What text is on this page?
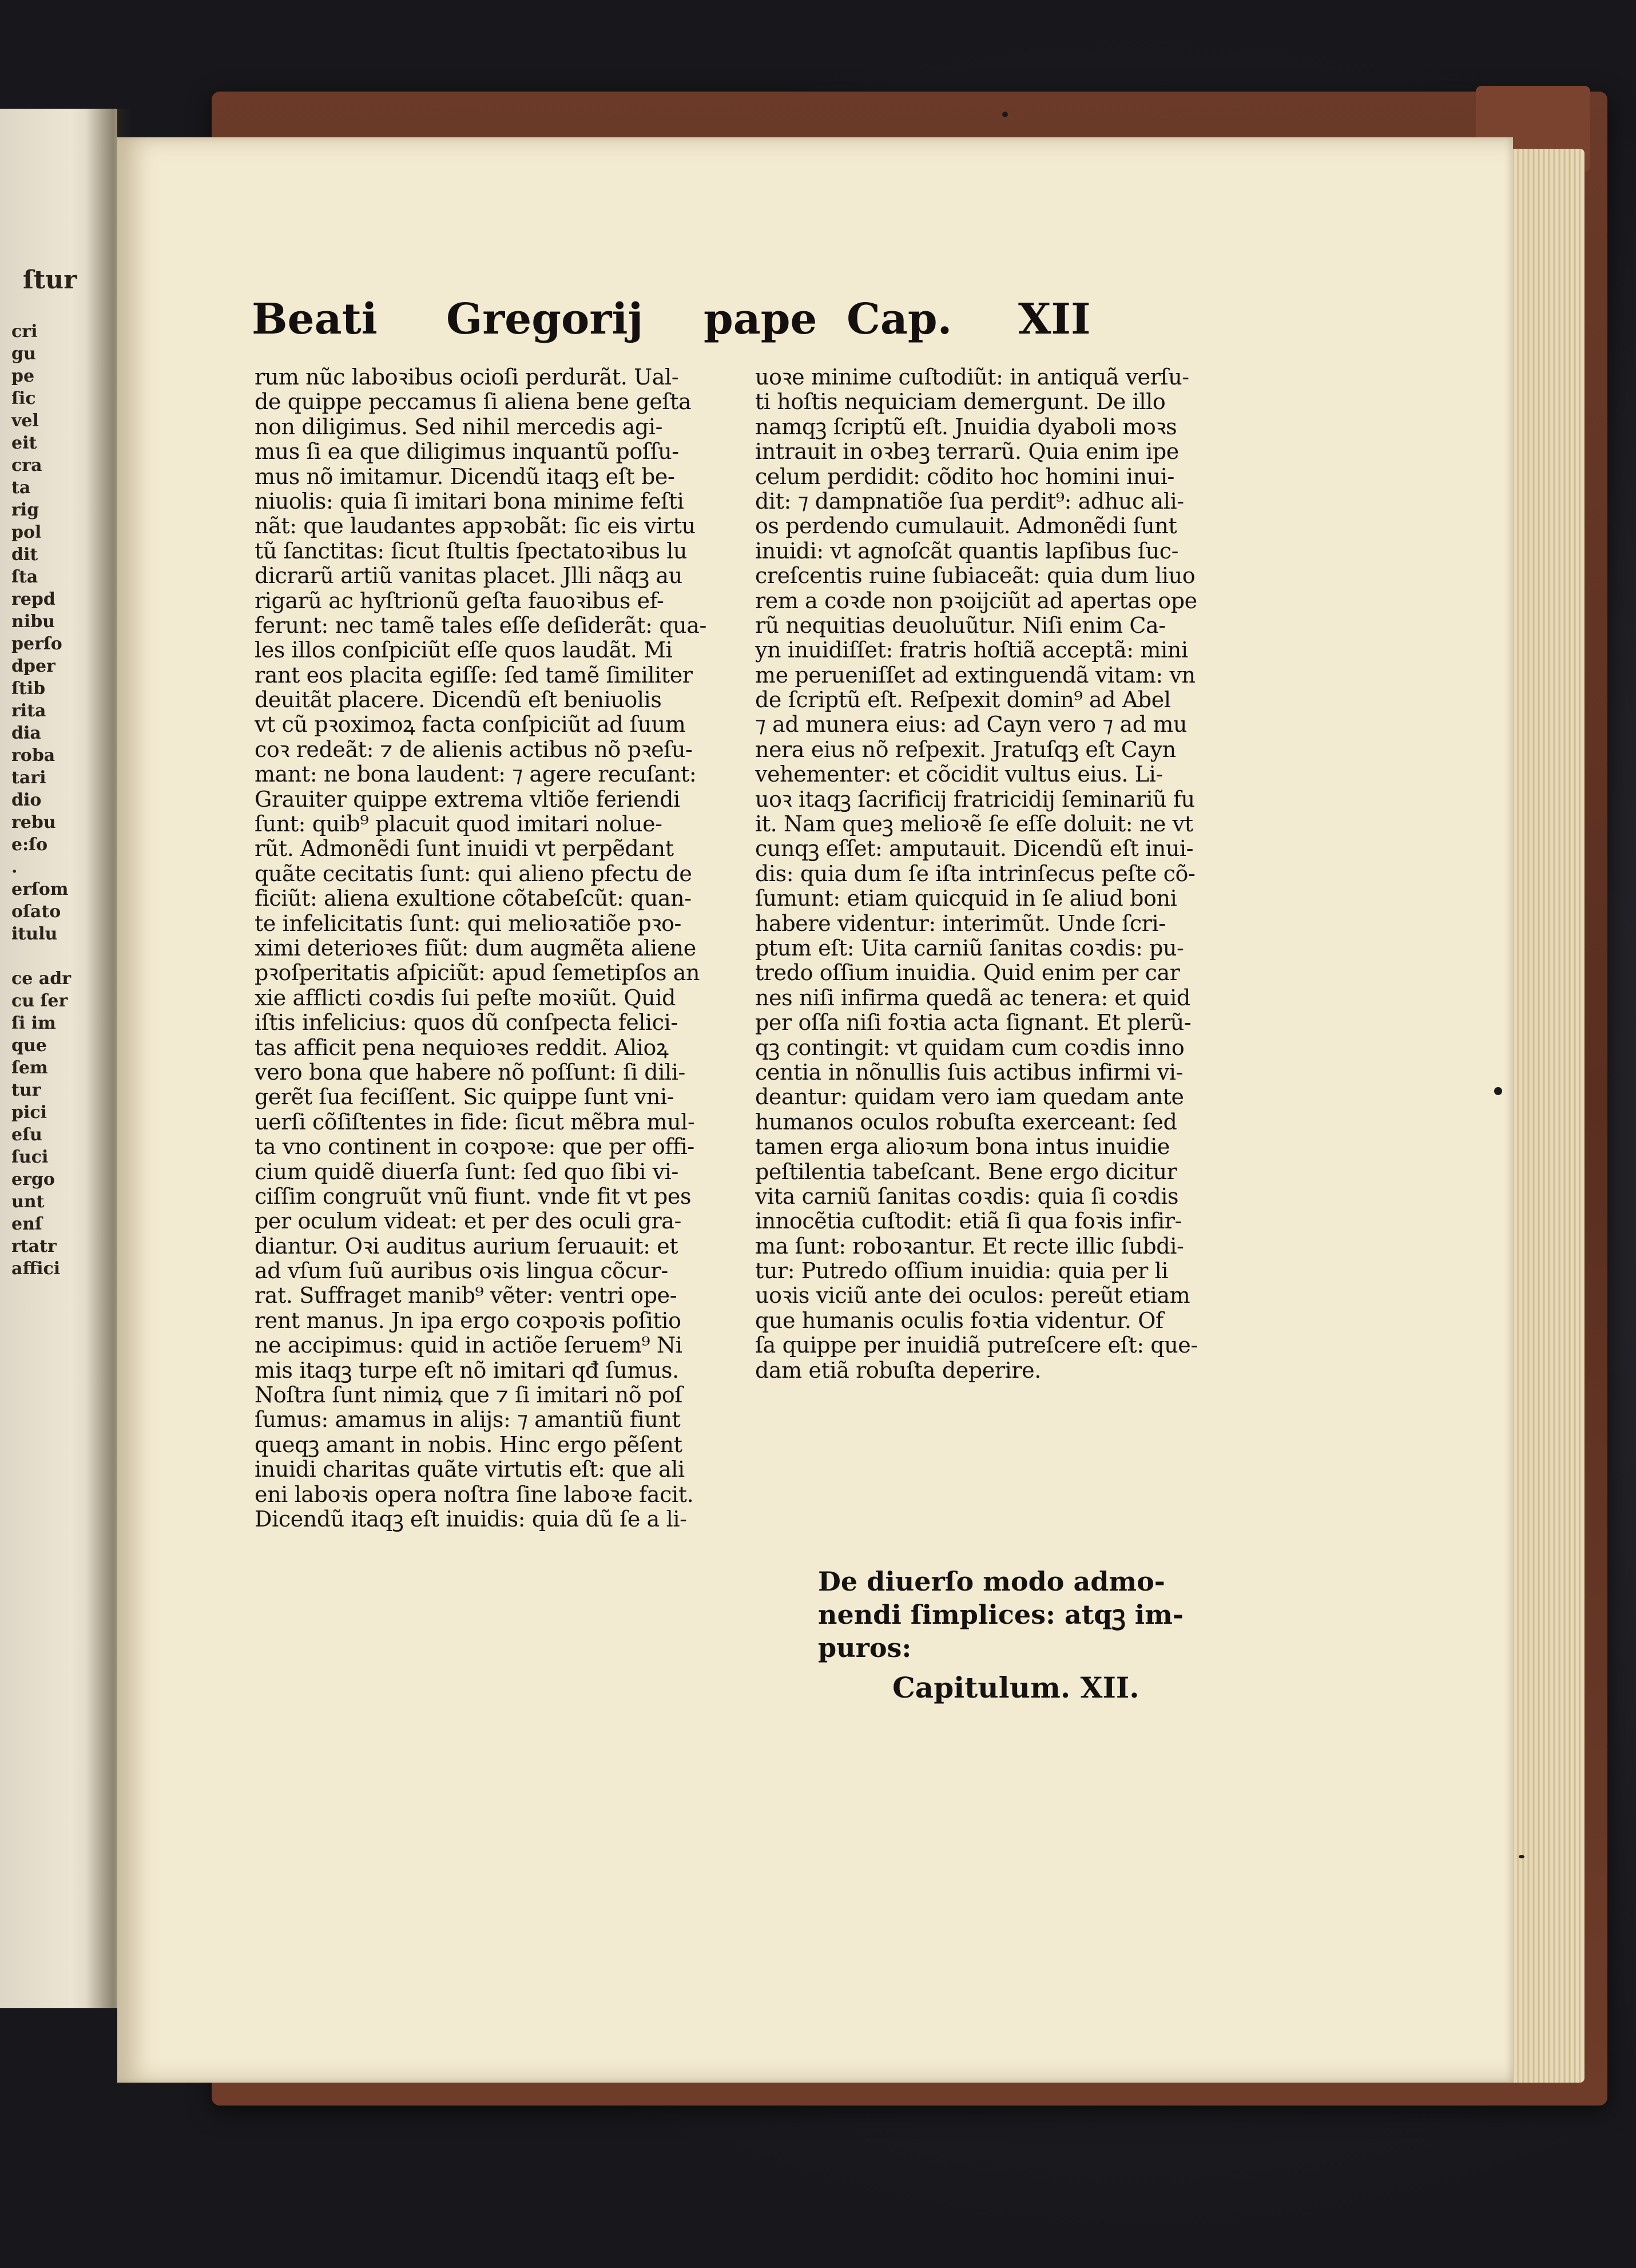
cri
gu
pe
ſic
vel
eit
cra
ta
rig
pol
dit
ſta
repd
nibu
perſo
dper
ſtib
rita
dia
roba
tari
dio
rebu
e:ſo
.
erſom
oſato
itulu
ce adr
cu ſer
ſi im
que
ſem
tur
pici
eſu
ſuci
ergo
unt
enſ
rtatr
affici
ſtur
Beati Gregorij pape Cap. XII
rum nũc laboꝛibus ocioſi perdurãt. Ual-
de quippe peccamus ſi aliena bene geſta
non diligimus. Sed nihil mercedis agi-
mus ſi ea que diligimus inquantũ poſſu-
mus nõ imitamur. Dicendũ itaqꝫ eſt be-
niuolis: quia ſi imitari bona minime feſti
nãt: que laudantes appꝛobãt: ſic eis virtu
tũ ſanctitas: ſicut ſtultis ſpectatoꝛibus lu
dicrarũ artiũ vanitas placet. Jlli nãqꝫ au
rigarũ ac hyſtrionũ geſta fauoꝛibus ef-
ferunt: nec tamẽ tales eſſe deſiderãt: qua-
les illos conſpiciũt eſſe quos laudãt. Mi
rant eos placita egiſſe: ſed tamẽ ſimiliter
deuitãt placere. Dicendũ eſt beniuolis
vt cũ pꝛoximoꝝ facta conſpiciũt ad ſuum
coꝛ redeãt: ⁊ de alienis actibus nõ pꝛeſu-
mant: ne bona laudent: ⁊ agere recuſant:
Grauiter quippe extrema vltiõe feriendi
ſunt: quib⁹ placuit quod imitari nolue-
rũt. Admonẽdi ſunt inuidi vt perpẽdant
quãte cecitatis ſunt: qui alieno pfectu de
ficiũt: aliena exultione cõtabeſcũt: quan-
te infelicitatis ſunt: qui melioꝛatiõe pꝛo-
ximi deterioꝛes fiũt: dum augmẽta aliene
pꝛoſperitatis aſpiciũt: apud ſemetipſos an
xie afflicti coꝛdis ſui peſte moꝛiũt. Quid
iſtis infelicius: quos dũ conſpecta felici-
tas afficit pena nequioꝛes reddit. Alioꝝ
vero bona que habere nõ poſſunt: ſi dili-
gerẽt ſua feciſſent. Sic quippe ſunt vni-
uerſi cõſiſtentes in fide: ſicut mẽbra mul-
ta vno continent in coꝛpoꝛe: que per offi-
cium quidẽ diuerſa ſunt: ſed quo ſibi vi-
ciſſim congruũt vnũ fiunt. vnde fit vt pes
per oculum videat: et per des oculi gra-
diantur. Oꝛi auditus aurium ſeruauit: et
ad vſum ſuũ auribus oꝛis lingua cõcur-
rat. Suffraget manib⁹ vẽter: ventri ope-
rent manus. Jn ipa ergo coꝛpoꝛis poſitio
ne accipimus: quid in actiõe ſeruem⁹ Ni
mis itaqꝫ turpe eſt nõ imitari qđ ſumus.
Noſtra ſunt nimiꝝ que ⁊ ſi imitari nõ poſ
ſumus: amamus in alijs: ⁊ amantiũ fiunt
queqꝫ amant in nobis. Hinc ergo pẽſent
inuidi charitas quãte virtutis eſt: que ali
eni laboꝛis opera noſtra ſine laboꝛe facit.
Dicendũ itaqꝫ eſt inuidis: quia dũ ſe a li-
uoꝛe minime cuſtodiũt: in antiquã verſu-
ti hoſtis nequiciam demergunt. De illo
namqꝫ ſcriptũ eſt. Jnuidia dyaboli moꝛs
intrauit in oꝛbeꝫ terrarũ. Quia enim ipe
celum perdidit: cõdito hoc homini inui-
dit: ⁊ dampnatiõe ſua perdit⁹: adhuc ali-
os perdendo cumulauit. Admonẽdi ſunt
inuidi: vt agnoſcãt quantis lapſibus ſuc-
creſcentis ruine ſubiaceãt: quia dum liuo
rem a coꝛde non pꝛoijciũt ad apertas ope
rũ nequitias deuoluũtur. Niſi enim Ca-
yn inuidiſſet: fratris hoſtiã acceptã: mini
me perueniſſet ad extinguendã vitam: vn
de ſcriptũ eſt. Reſpexit domin⁹ ad Abel
⁊ ad munera eius: ad Cayn vero ⁊ ad mu
nera eius nõ reſpexit. Jratuſqꝫ eſt Cayn
vehementer: et cõcidit vultus eius. Li-
uoꝛ itaqꝫ ſacrificij fratricidij ſeminariũ fu
it. Nam queꝫ melioꝛẽ ſe eſſe doluit: ne vt
cunqꝫ eſſet: amputauit. Dicendũ eſt inui-
dis: quia dum ſe iſta intrinſecus peſte cõ-
ſumunt: etiam quicquid in ſe aliud boni
habere videntur: interimũt. Unde ſcri-
ptum eſt: Uita carniũ ſanitas coꝛdis: pu-
tredo oſſium inuidia. Quid enim per car
nes niſi infirma quedã ac tenera: et quid
per oſſa niſi foꝛtia acta ſignant. Et plerũ-
qꝫ contingit: vt quidam cum coꝛdis inno
centia in nõnullis ſuis actibus infirmi vi-
deantur: quidam vero iam quedam ante
humanos oculos robuſta exerceant: ſed
tamen erga alioꝛum bona intus inuidie
peſtilentia tabeſcant. Bene ergo dicitur
vita carniũ ſanitas coꝛdis: quia ſi coꝛdis
innocẽtia cuſtodit: etiã ſi qua foꝛis infir-
ma ſunt: roboꝛantur. Et recte illic ſubdi-
tur: Putredo oſſium inuidia: quia per li
uoꝛis viciũ ante dei oculos: pereũt etiam
que humanis oculis foꝛtia videntur. Of
ſa quippe per inuidiã putreſcere eſt: que-
dam etiã robuſta deperire.
De diuerſo modo admo-
nendi ſimplices: atqꝫ im-
puros:
Capitulum. XII.
